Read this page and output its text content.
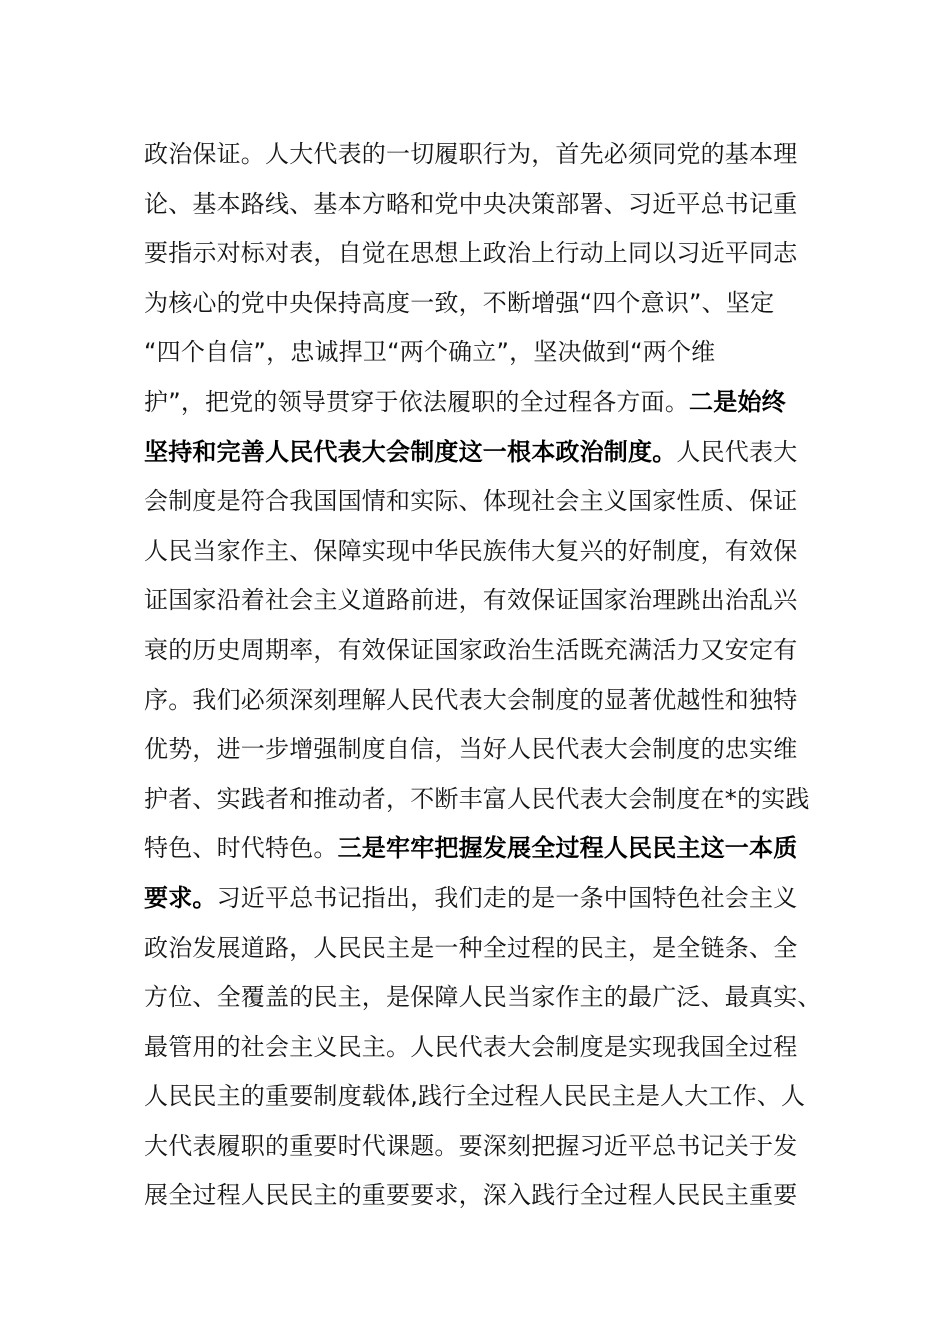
政治保证。人大代表的一切履职行为，首先必须同党的基本理
论、基本路线、基本方略和党中央决策部署、习近平总书记重
要指示对标对表，自觉在思想上政治上行动上同以习近平同志
为核心的党中央保持高度一致，不断增强“四个意识”、坚定
“四个自信”，忠诚捍卫“两个确立”，坚决做到“两个维
护”，把党的领导贯穿于依法履职的全过程各方面。二是始终
坚持和完善人民代表大会制度这一根本政治制度。人民代表大
会制度是符合我国国情和实际、体现社会主义国家性质、保证
人民当家作主、保障实现中华民族伟大复兴的好制度，有效保
证国家沿着社会主义道路前进，有效保证国家治理跳出治乱兴
衰的历史周期率，有效保证国家政治生活既充满活力又安定有
序。我们必须深刻理解人民代表大会制度的显著优越性和独特
优势，进一步增强制度自信，当好人民代表大会制度的忠实维
护者、实践者和推动者，不断丰富人民代表大会制度在*的实践
特色、时代特色。三是牢牢把握发展全过程人民民主这一本质
要求。习近平总书记指出，我们走的是一条中国特色社会主义
政治发展道路，人民民主是一种全过程的民主，是全链条、全
方位、全覆盖的民主，是保障人民当家作主的最广泛、最真实、
最管用的社会主义民主。人民代表大会制度是实现我国全过程
人民民主的重要制度载体,践行全过程人民民主是人大工作、人
大代表履职的重要时代课题。要深刻把握习近平总书记关于发
展全过程人民民主的重要要求，深入践行全过程人民民主重要
